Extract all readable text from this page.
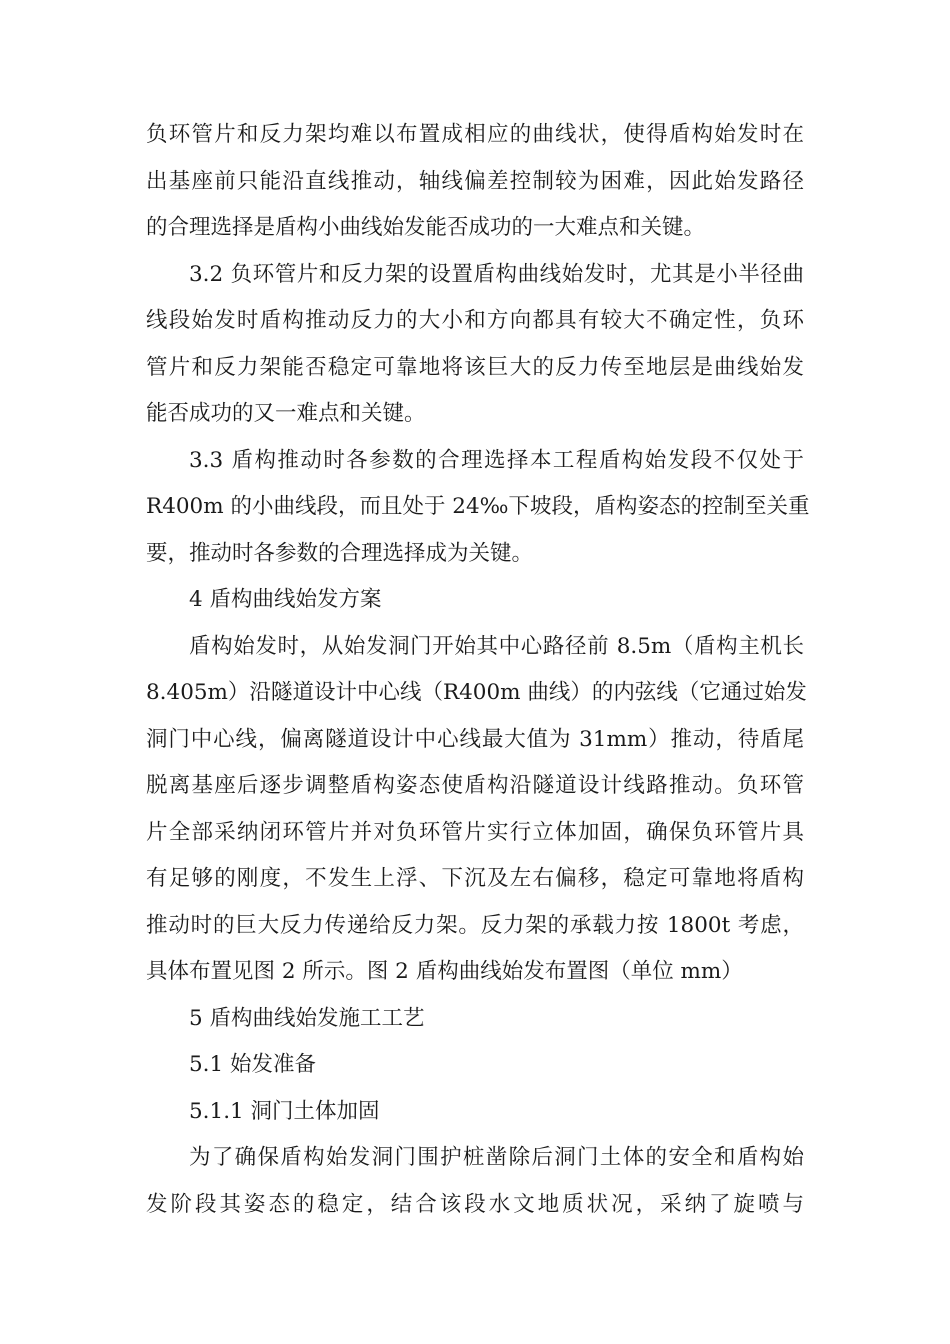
负环管片和反力架均难以布置成相应的曲线状，使得盾构始发时在
出基座前只能沿直线推动，轴线偏差控制较为困难，因此始发路径
的合理选择是盾构小曲线始发能否成功的一大难点和关键。
3.2 负环管片和反力架的设置盾构曲线始发时，尤其是小半径曲
线段始发时盾构推动反力的大小和方向都具有较大不确定性，负环
管片和反力架能否稳定可靠地将该巨大的反力传至地层是曲线始发
能否成功的又一难点和关键。
3.3 盾构推动时各参数的合理选择本工程盾构始发段不仅处于
R400m 的小曲线段，而且处于 24‰下坡段，盾构姿态的控制至关重
要，推动时各参数的合理选择成为关键。
4 盾构曲线始发方案
盾构始发时，从始发洞门开始其中心路径前 8.5m（盾构主机长
8.405m）沿隧道设计中心线（R400m 曲线）的内弦线（它通过始发
洞门中心线，偏离隧道设计中心线最大值为 31mm）推动，待盾尾
脱离基座后逐步调整盾构姿态使盾构沿隧道设计线路推动。负环管
片全部采纳闭环管片并对负环管片实行立体加固，确保负环管片具
有足够的刚度，不发生上浮、下沉及左右偏移，稳定可靠地将盾构
推动时的巨大反力传递给反力架。反力架的承载力按 1800t 考虑，
具体布置见图 2 所示。图 2 盾构曲线始发布置图（单位 mm）
5 盾构曲线始发施工工艺
5.1 始发准备
5.1.1 洞门土体加固
为了确保盾构始发洞门围护桩凿除后洞门土体的安全和盾构始
发阶段其姿态的稳定，结合该段水文地质状况，采纳了旋喷与
